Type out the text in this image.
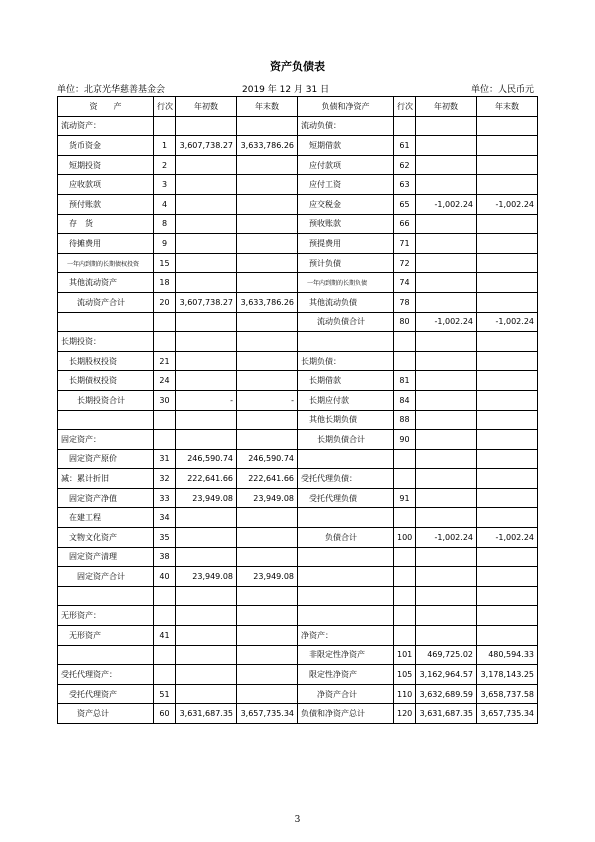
资产负债表
单位：北京光华慈善基金会	2019 年 12 月 31 日	单位：人民币元
资　　产	行次	年初数	年末数	负债和净资产	行次	年初数	年末数
流动资产：				流动负债：			
　货币资金	1	3,607,738.27	3,633,786.26	　短期借款	61		
　短期投资	2			　应付款项	62		
　应收款项	3			　应付工资	63		
　预付账款	4			　应交税金	65	-1,002.24	-1,002.24
　存　货	8			　预收账款	66		
　待摊费用	9			　预提费用	71		
　一年内到期的长期债权投资	15			　预计负债	72		
　其他流动资产	18			　一年内到期的长期负债	74		
　　流动资产合计	20	3,607,738.27	3,633,786.26	　其他流动负债	78		
				　　流动负债合计	80	-1,002.24	-1,002.24
长期投资：							
　长期股权投资	21			长期负债：			
　长期债权投资	24			　长期借款	81		
　　长期投资合计	30	-	-	　长期应付款	84		
				　其他长期负债	88		
固定资产：				　　长期负债合计	90		
　固定资产原价	31	246,590.74	246,590.74				
减：累计折旧	32	222,641.66	222,641.66	受托代理负债：			
　固定资产净值	33	23,949.08	23,949.08	　受托代理负债	91		
　在建工程	34						
　文物文化资产	35			　　　负债合计	100	-1,002.24	-1,002.24
　固定资产清理	38						
　　固定资产合计	40	23,949.08	23,949.08				

无形资产：							
　无形资产	41			净资产：			
				　非限定性净资产	101	469,725.02	480,594.33
受托代理资产：				　限定性净资产	105	3,162,964.57	3,178,143.25
　受托代理资产	51			　　净资产合计	110	3,632,689.59	3,658,737.58
　　资产总计	60	3,631,687.35	3,657,735.34	负债和净资产总计	120	3,631,687.35	3,657,735.34
3
